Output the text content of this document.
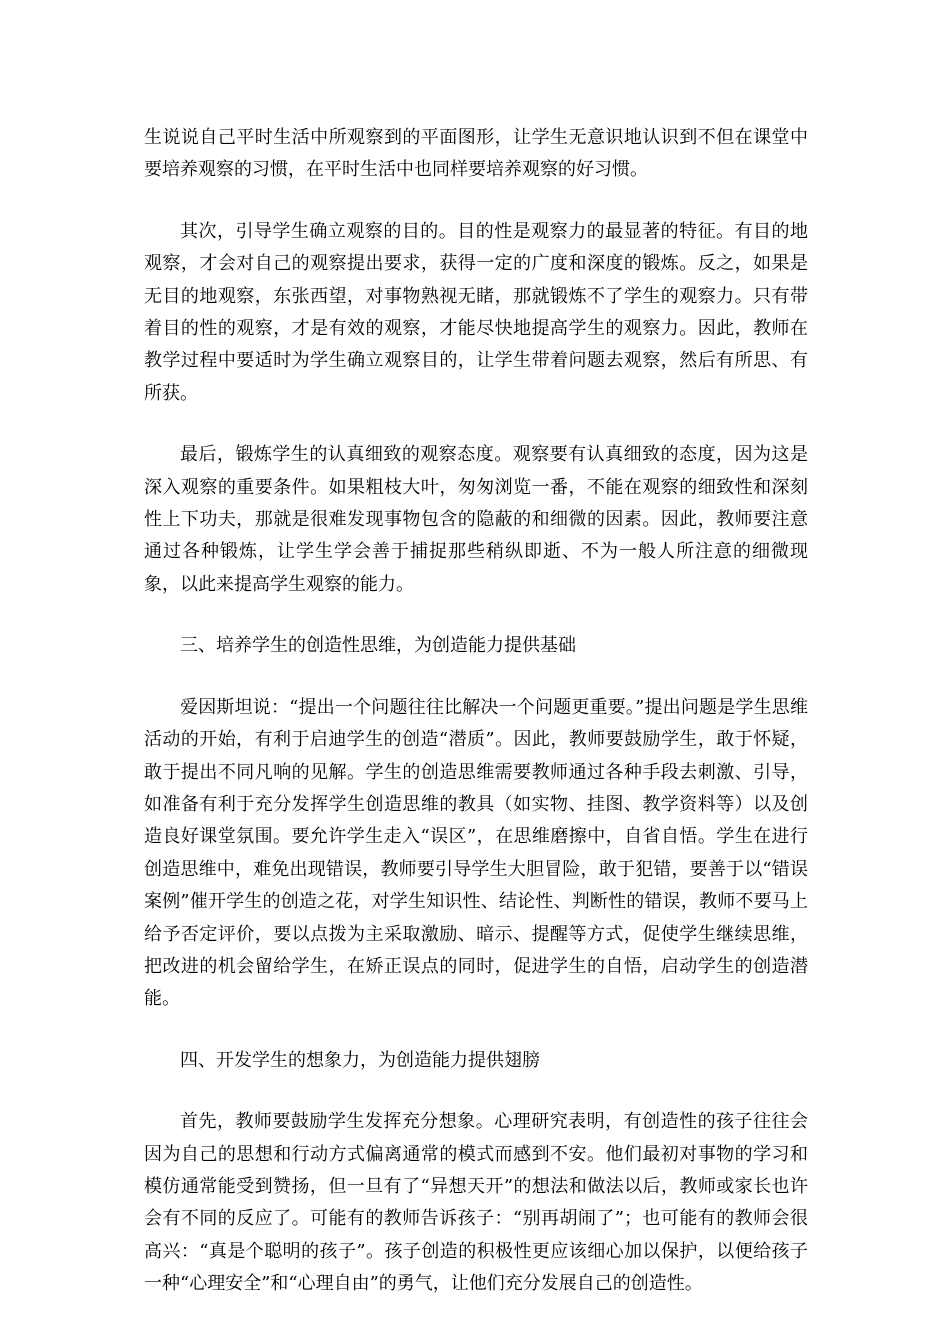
生说说自己平时生活中所观察到的平面图形，让学生无意识地认识到不但在课堂中要培养观察的习惯，在平时生活中也同样要培养观察的好习惯。

其次，引导学生确立观察的目的。目的性是观察力的最显著的特征。有目的地观察，才会对自己的观察提出要求，获得一定的广度和深度的锻炼。反之，如果是无目的地观察，东张西望，对事物熟视无睹，那就锻炼不了学生的观察力。只有带着目的性的观察，才是有效的观察，才能尽快地提高学生的观察力。因此，教师在教学过程中要适时为学生确立观察目的，让学生带着问题去观察，然后有所思、有所获。

最后，锻炼学生的认真细致的观察态度。观察要有认真细致的态度，因为这是深入观察的重要条件。如果粗枝大叶，匆匆浏览一番，不能在观察的细致性和深刻性上下功夫，那就是很难发现事物包含的隐蔽的和细微的因素。因此，教师要注意通过各种锻炼，让学生学会善于捕捉那些稍纵即逝、不为一般人所注意的细微现象，以此来提高学生观察的能力。

三、培养学生的创造性思维，为创造能力提供基础

爱因斯坦说：“提出一个问题往往比解决一个问题更重要。”提出问题是学生思维活动的开始，有利于启迪学生的创造“潜质”。因此，教师要鼓励学生，敢于怀疑，敢于提出不同凡响的见解。学生的创造思维需要教师通过各种手段去刺激、引导，如准备有利于充分发挥学生创造思维的教具（如实物、挂图、教学资料等）以及创造良好课堂氛围。要允许学生走入“误区”，在思维磨擦中，自省自悟。学生在进行创造思维中，难免出现错误，教师要引导学生大胆冒险，敢于犯错，要善于以“错误案例”催开学生的创造之花，对学生知识性、结论性、判断性的错误，教师不要马上给予否定评价，要以点拨为主采取激励、暗示、提醒等方式，促使学生继续思维，把改进的机会留给学生，在矫正误点的同时，促进学生的自悟，启动学生的创造潜能。

四、开发学生的想象力，为创造能力提供翅膀

首先，教师要鼓励学生发挥充分想象。心理研究表明，有创造性的孩子往往会因为自己的思想和行动方式偏离通常的模式而感到不安。他们最初对事物的学习和模仿通常能受到赞扬，但一旦有了“异想天开”的想法和做法以后，教师或家长也许会有不同的反应了。可能有的教师告诉孩子：“别再胡闹了”；也可能有的教师会很高兴：“真是个聪明的孩子”。孩子创造的积极性更应该细心加以保护，以便给孩子一种“心理安全”和“心理自由”的勇气，让他们充分发展自己的创造性。
